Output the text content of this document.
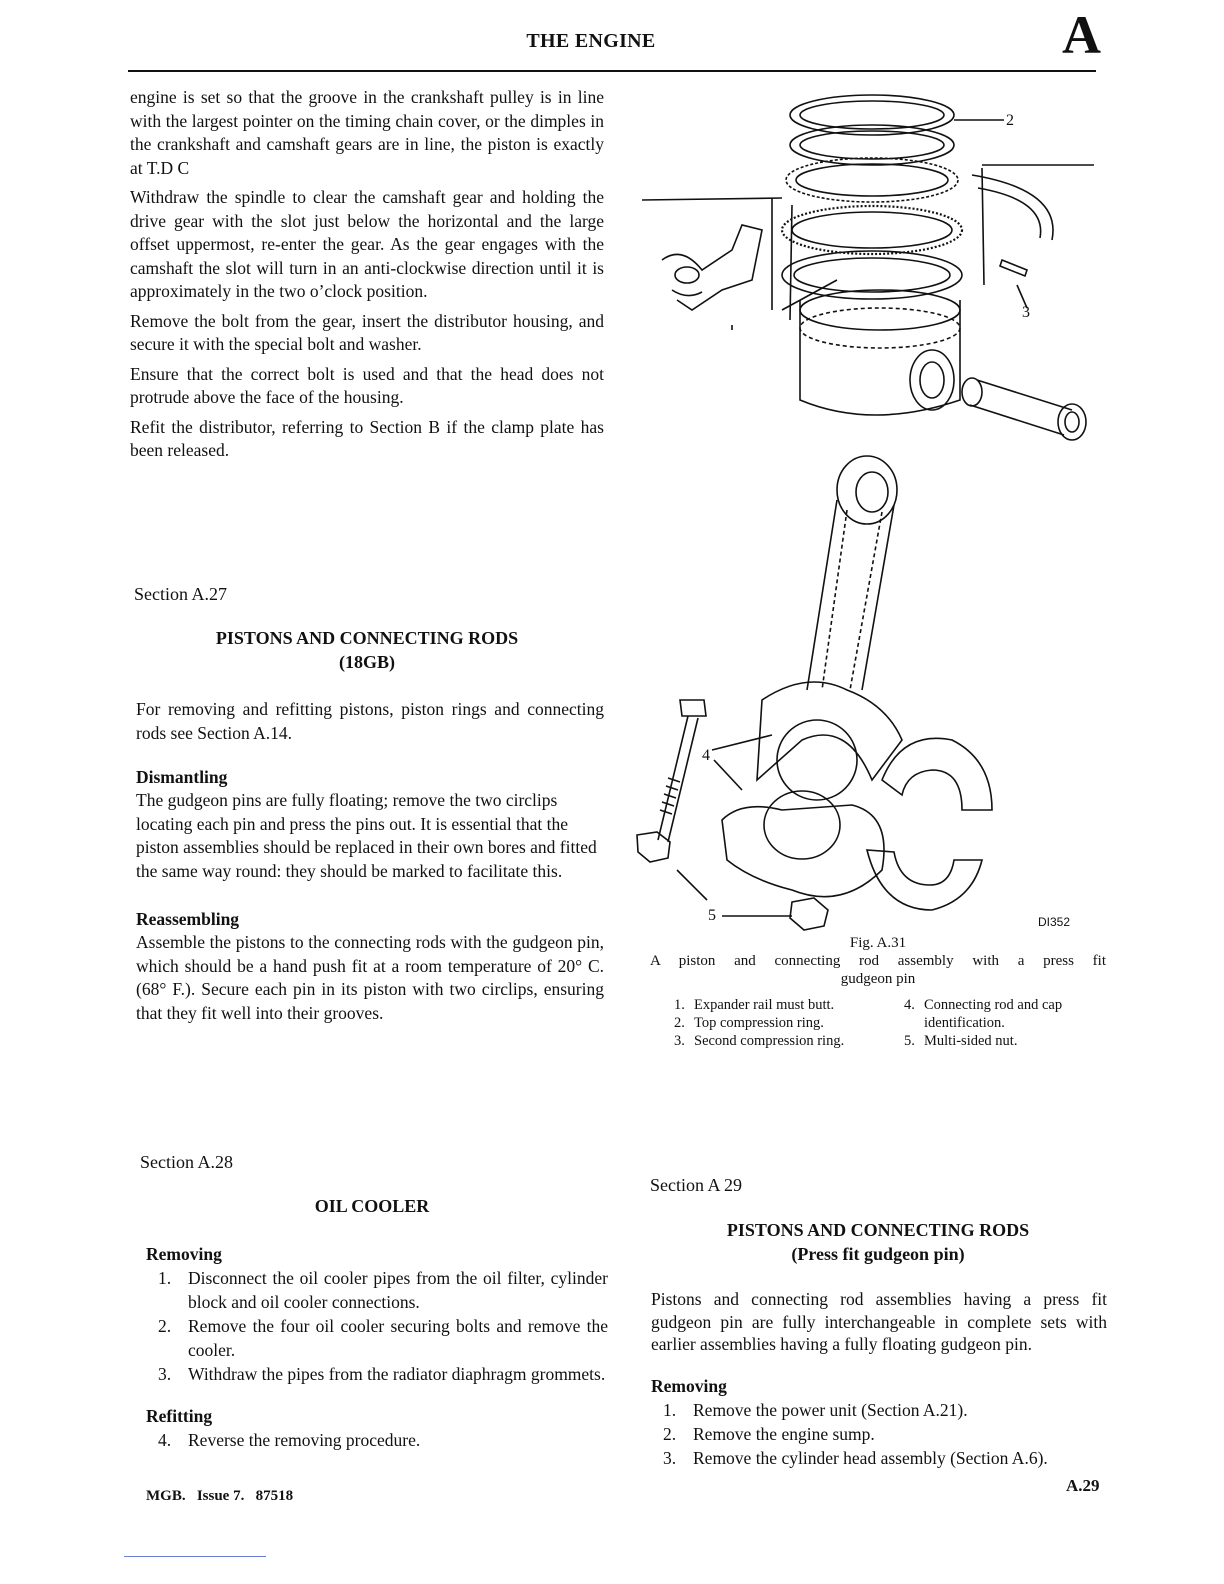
THE ENGINE	A

engine is set so that the groove in the crankshaft pulley is in line with the largest pointer on the timing chain cover, or the dimples in the crankshaft and camshaft gears are in line, the piston is exactly at T.D C

Withdraw the spindle to clear the camshaft gear and holding the drive gear with the slot just below the horizontal and the large offset uppermost, re-enter the gear. As the gear engages with the camshaft the slot will turn in an anti-clockwise direction until it is approximately in the two o’clock position.

Remove the bolt from the gear, insert the distributor housing, and secure it with the special bolt and washer.

Ensure that the correct bolt is used and that the head does not protrude above the face of the housing.

Refit the distributor, referring to Section B if the clamp plate has been released.

Section A.27
PISTONS AND CONNECTING RODS
(18GB)

For removing and refitting pistons, piston rings and connecting rods see Section A.14.

Dismantling

The gudgeon pins are fully floating; remove the two circlips locating each pin and press the pins out. It is essential that the piston assemblies should be replaced in their own bores and fitted the same way round: they should be marked to facilitate this.

Reassembling

Assemble the pistons to the connecting rods with the gudgeon pin, which should be a hand push fit at a room temperature of 20° C. (68° F.). Secure each pin in its piston with two circlips, ensuring that they fit well into their grooves.

Section A.28
OIL COOLER

Removing

1. Disconnect the oil cooler pipes from the oil filter, cylinder block and oil cooler connections.
2. Remove the four oil cooler securing bolts and remove the cooler.
3. Withdraw the pipes from the radiator diaphragm grommets.

Refitting

4. Reverse the removing procedure.
MGB.   Issue 7.   87518
A.29
2
3
4
5	DI352
Fig. A.31
A piston and connecting rod assembly with a press fit
gudgeon pin
1. Expander rail must butt.
2. Top compression ring.
3. Second compression ring.
4. Connecting rod and cap
identification.
5. Multi-sided nut.
Section A 29
PISTONS AND CONNECTING RODS
(Press fit gudgeon pin)

Pistons and connecting rod assemblies having a press fit gudgeon pin are fully interchangeable in complete sets with earlier assemblies having a fully floating gudgeon pin.

Removing

1. Remove the power unit (Section A.21).
2. Remove the engine sump.
3. Remove the cylinder head assembly (Section A.6).
